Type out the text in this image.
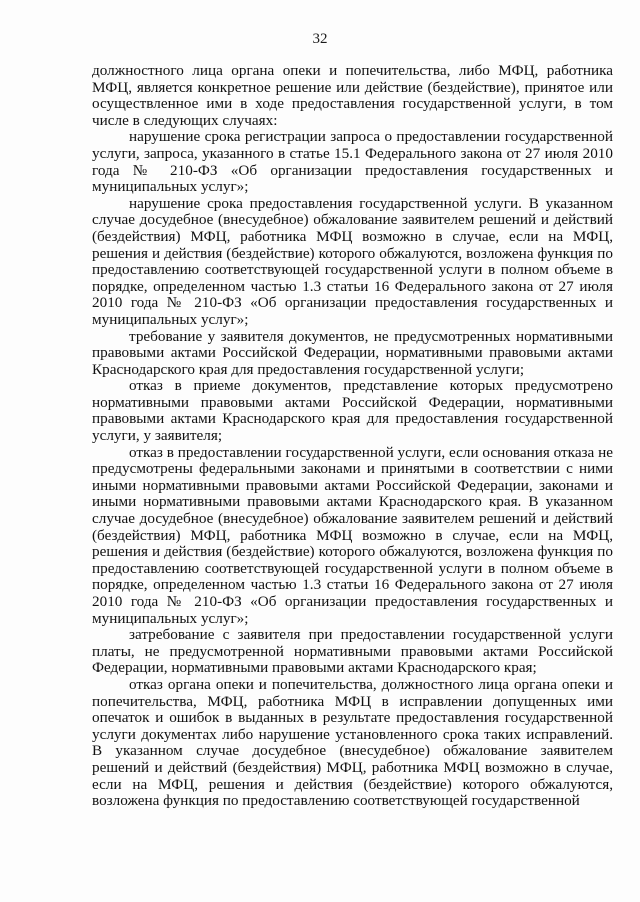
32

должностного лица органа опеки и попечительства, либо МФЦ, работника МФЦ, является конкретное решение или действие (бездействие), принятое или осуществленное ими в ходе предоставления государственной услуги, в том числе в следующих случаях:

нарушение срока регистрации запроса о предоставлении государственной услуги, запроса, указанного в статье 15.1 Федерального закона от 27 июля 2010 года № 210-ФЗ «Об организации предоставления государственных и муниципальных услуг»;

нарушение срока предоставления государственной услуги. В указанном случае досудебное (внесудебное) обжалование заявителем решений и действий (бездействия) МФЦ, работника МФЦ возможно в случае, если на МФЦ, решения и действия (бездействие) которого обжалуются, возложена функция по предоставлению соответствующей государственной услуги в полном объеме в порядке, определенном частью 1.3 статьи 16 Федерального закона от 27 июля 2010 года № 210-ФЗ «Об организации предоставления государственных и муниципальных услуг»;

требование у заявителя документов, не предусмотренных нормативными правовыми актами Российской Федерации, нормативными правовыми актами Краснодарского края для предоставления государственной услуги;

отказ в приеме документов, представление которых предусмотрено нормативными правовыми актами Российской Федерации, нормативными правовыми актами Краснодарского края для предоставления государственной услуги, у заявителя;

отказ в предоставлении государственной услуги, если основания отказа не предусмотрены федеральными законами и принятыми в соответствии с ними иными нормативными правовыми актами Российской Федерации, законами и иными нормативными правовыми актами Краснодарского края. В указанном случае досудебное (внесудебное) обжалование заявителем решений и действий (бездействия) МФЦ, работника МФЦ возможно в случае, если на МФЦ, решения и действия (бездействие) которого обжалуются, возложена функция по предоставлению соответствующей государственной услуги в полном объеме в порядке, определенном частью 1.3 статьи 16 Федерального закона от 27 июля 2010 года № 210-ФЗ «Об организации предоставления государственных и муниципальных услуг»;

затребование с заявителя при предоставлении государственной услуги платы, не предусмотренной нормативными правовыми актами Российской Федерации, нормативными правовыми актами Краснодарского края;

отказ органа опеки и попечительства, должностного лица органа опеки и попечительства, МФЦ, работника МФЦ в исправлении допущенных ими опечаток и ошибок в выданных в результате предоставления государственной услуги документах либо нарушение установленного срока таких исправлений. В указанном случае досудебное (внесудебное) обжалование заявителем решений и действий (бездействия) МФЦ, работника МФЦ возможно в случае, если на МФЦ, решения и действия (бездействие) которого обжалуются, возложена функция по предоставлению соответствующей государственной
